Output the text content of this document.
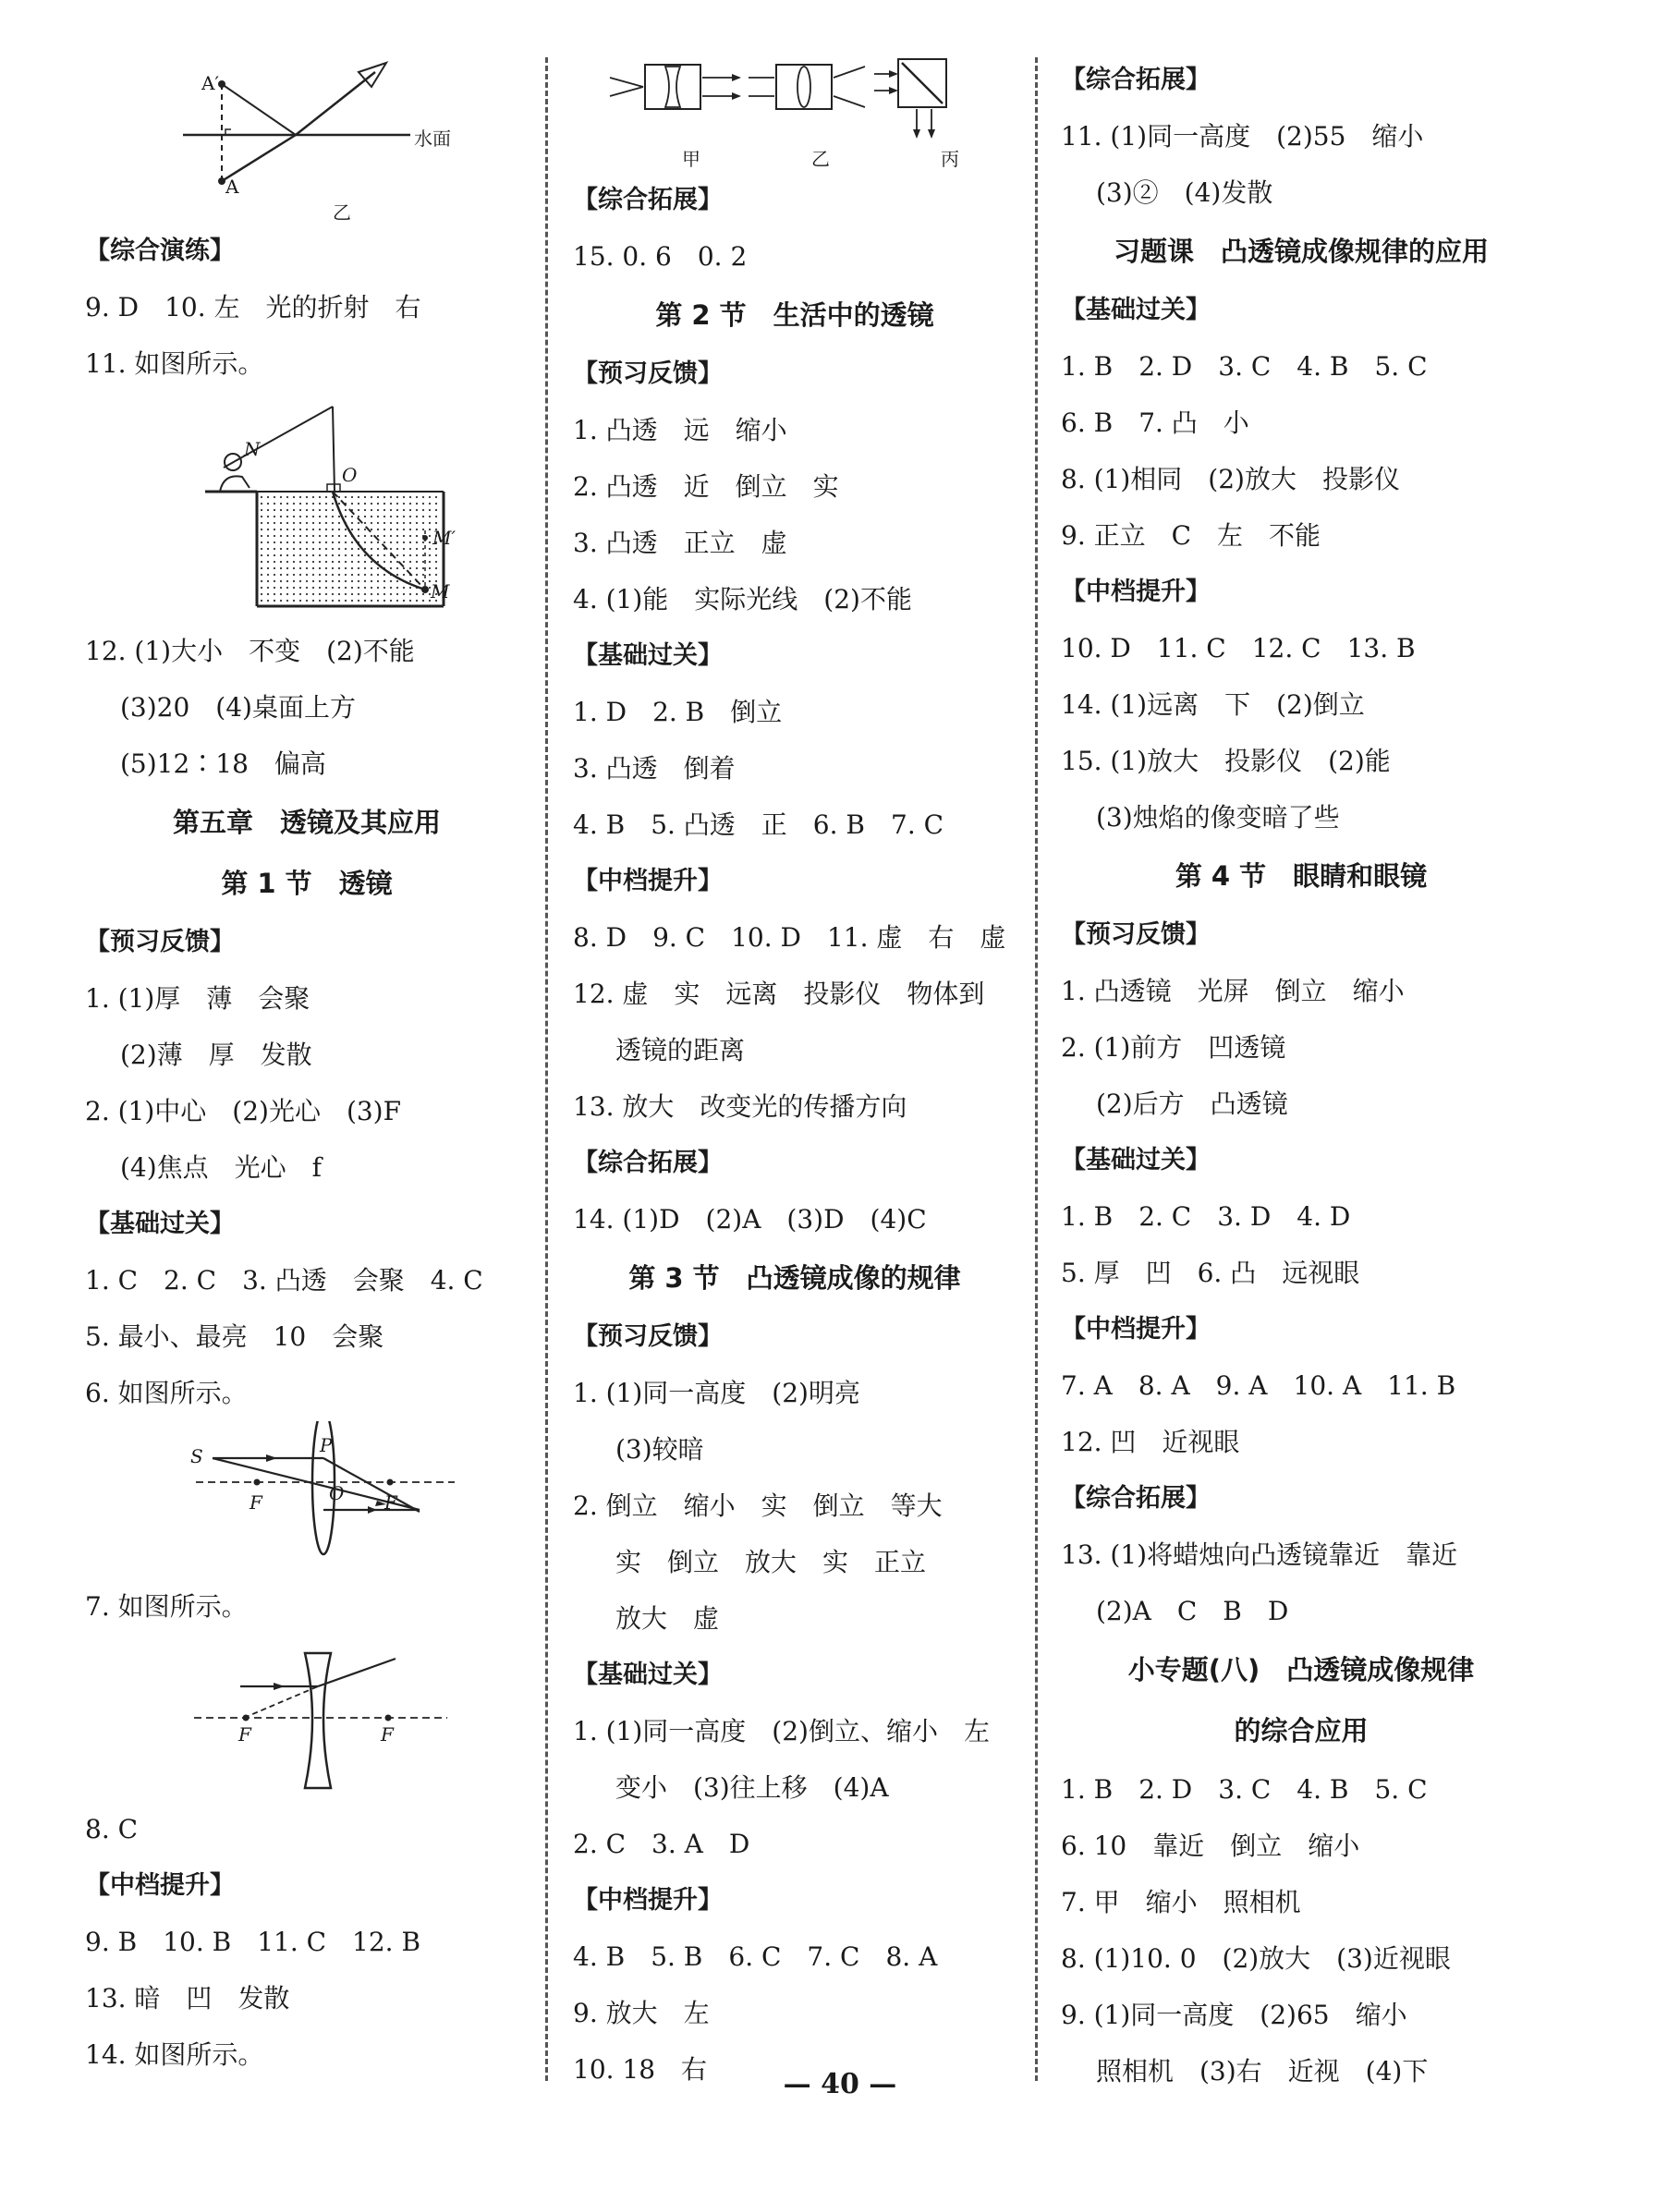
A′
A
水面
乙
【综合演练】
9. D　10. 左　光的折射　右
11. 如图所示。
N
O
M′
M
12. (1)大小　不变　(2)不能
(3)20　(4)桌面上方
(5)12∶18　偏高
第五章　透镜及其应用
第 1 节　透镜
【预习反馈】
1. (1)厚　薄　会聚
(2)薄　厚　发散
2. (1)中心　(2)光心　(3)F
(4)焦点　光心　f
【基础过关】
1. C　2. C　3. 凸透　会聚　4. C
5. 最小、最亮　10　会聚
6. 如图所示。
S	P
O
F	F
7. 如图所示。
F	F
8. C
【中档提升】
9. B　10. B　11. C　12. B
13. 暗　凹　发散
14. 如图所示。
甲	乙	丙
【综合拓展】
15. 0. 6　0. 2
第 2 节　生活中的透镜
【预习反馈】
1. 凸透　远　缩小
2. 凸透　近　倒立　实
3. 凸透　正立　虚
4. (1)能　实际光线　(2)不能
【基础过关】
1. D　2. B　倒立
3. 凸透　倒着
4. B　5. 凸透　正　6. B　7. C
【中档提升】
8. D　9. C　10. D　11. 虚　右　虚
12. 虚　实　远离　投影仪　物体到
透镜的距离
13. 放大　改变光的传播方向
【综合拓展】
14. (1)D　(2)A　(3)D　(4)C
第 3 节　凸透镜成像的规律
【预习反馈】
1. (1)同一高度　(2)明亮
(3)较暗
2. 倒立　缩小　实　倒立　等大
实　倒立　放大　实　正立
放大　虚
【基础过关】
1. (1)同一高度　(2)倒立、缩小　左
变小　(3)往上移　(4)A
2. C　3. A　D
【中档提升】
4. B　5. B　6. C　7. C　8. A
9. 放大　左
10. 18　右
【综合拓展】
11. (1)同一高度　(2)55　缩小
(3)②　(4)发散
习题课　凸透镜成像规律的应用
【基础过关】
1. B　2. D　3. C　4. B　5. C
6. B　7. 凸　小
8. (1)相同　(2)放大　投影仪
9. 正立　C　左　不能
【中档提升】
10. D　11. C　12. C　13. B
14. (1)远离　下　(2)倒立
15. (1)放大　投影仪　(2)能
(3)烛焰的像变暗了些
第 4 节　眼睛和眼镜
【预习反馈】
1. 凸透镜　光屏　倒立　缩小
2. (1)前方　凹透镜
(2)后方　凸透镜
【基础过关】
1. B　2. C　3. D　4. D
5. 厚　凹　6. 凸　远视眼
【中档提升】
7. A　8. A　9. A　10. A　11. B
12. 凹　近视眼
【综合拓展】
13. (1)将蜡烛向凸透镜靠近　靠近
(2)A　C　B　D
小专题(八)　凸透镜成像规律
的综合应用
1. B　2. D　3. C　4. B　5. C
6. 10　靠近　倒立　缩小
7. 甲　缩小　照相机
8. (1)10. 0　(2)放大　(3)近视眼
9. (1)同一高度　(2)65　缩小
照相机　(3)右　近视　(4)下
— 40 —
